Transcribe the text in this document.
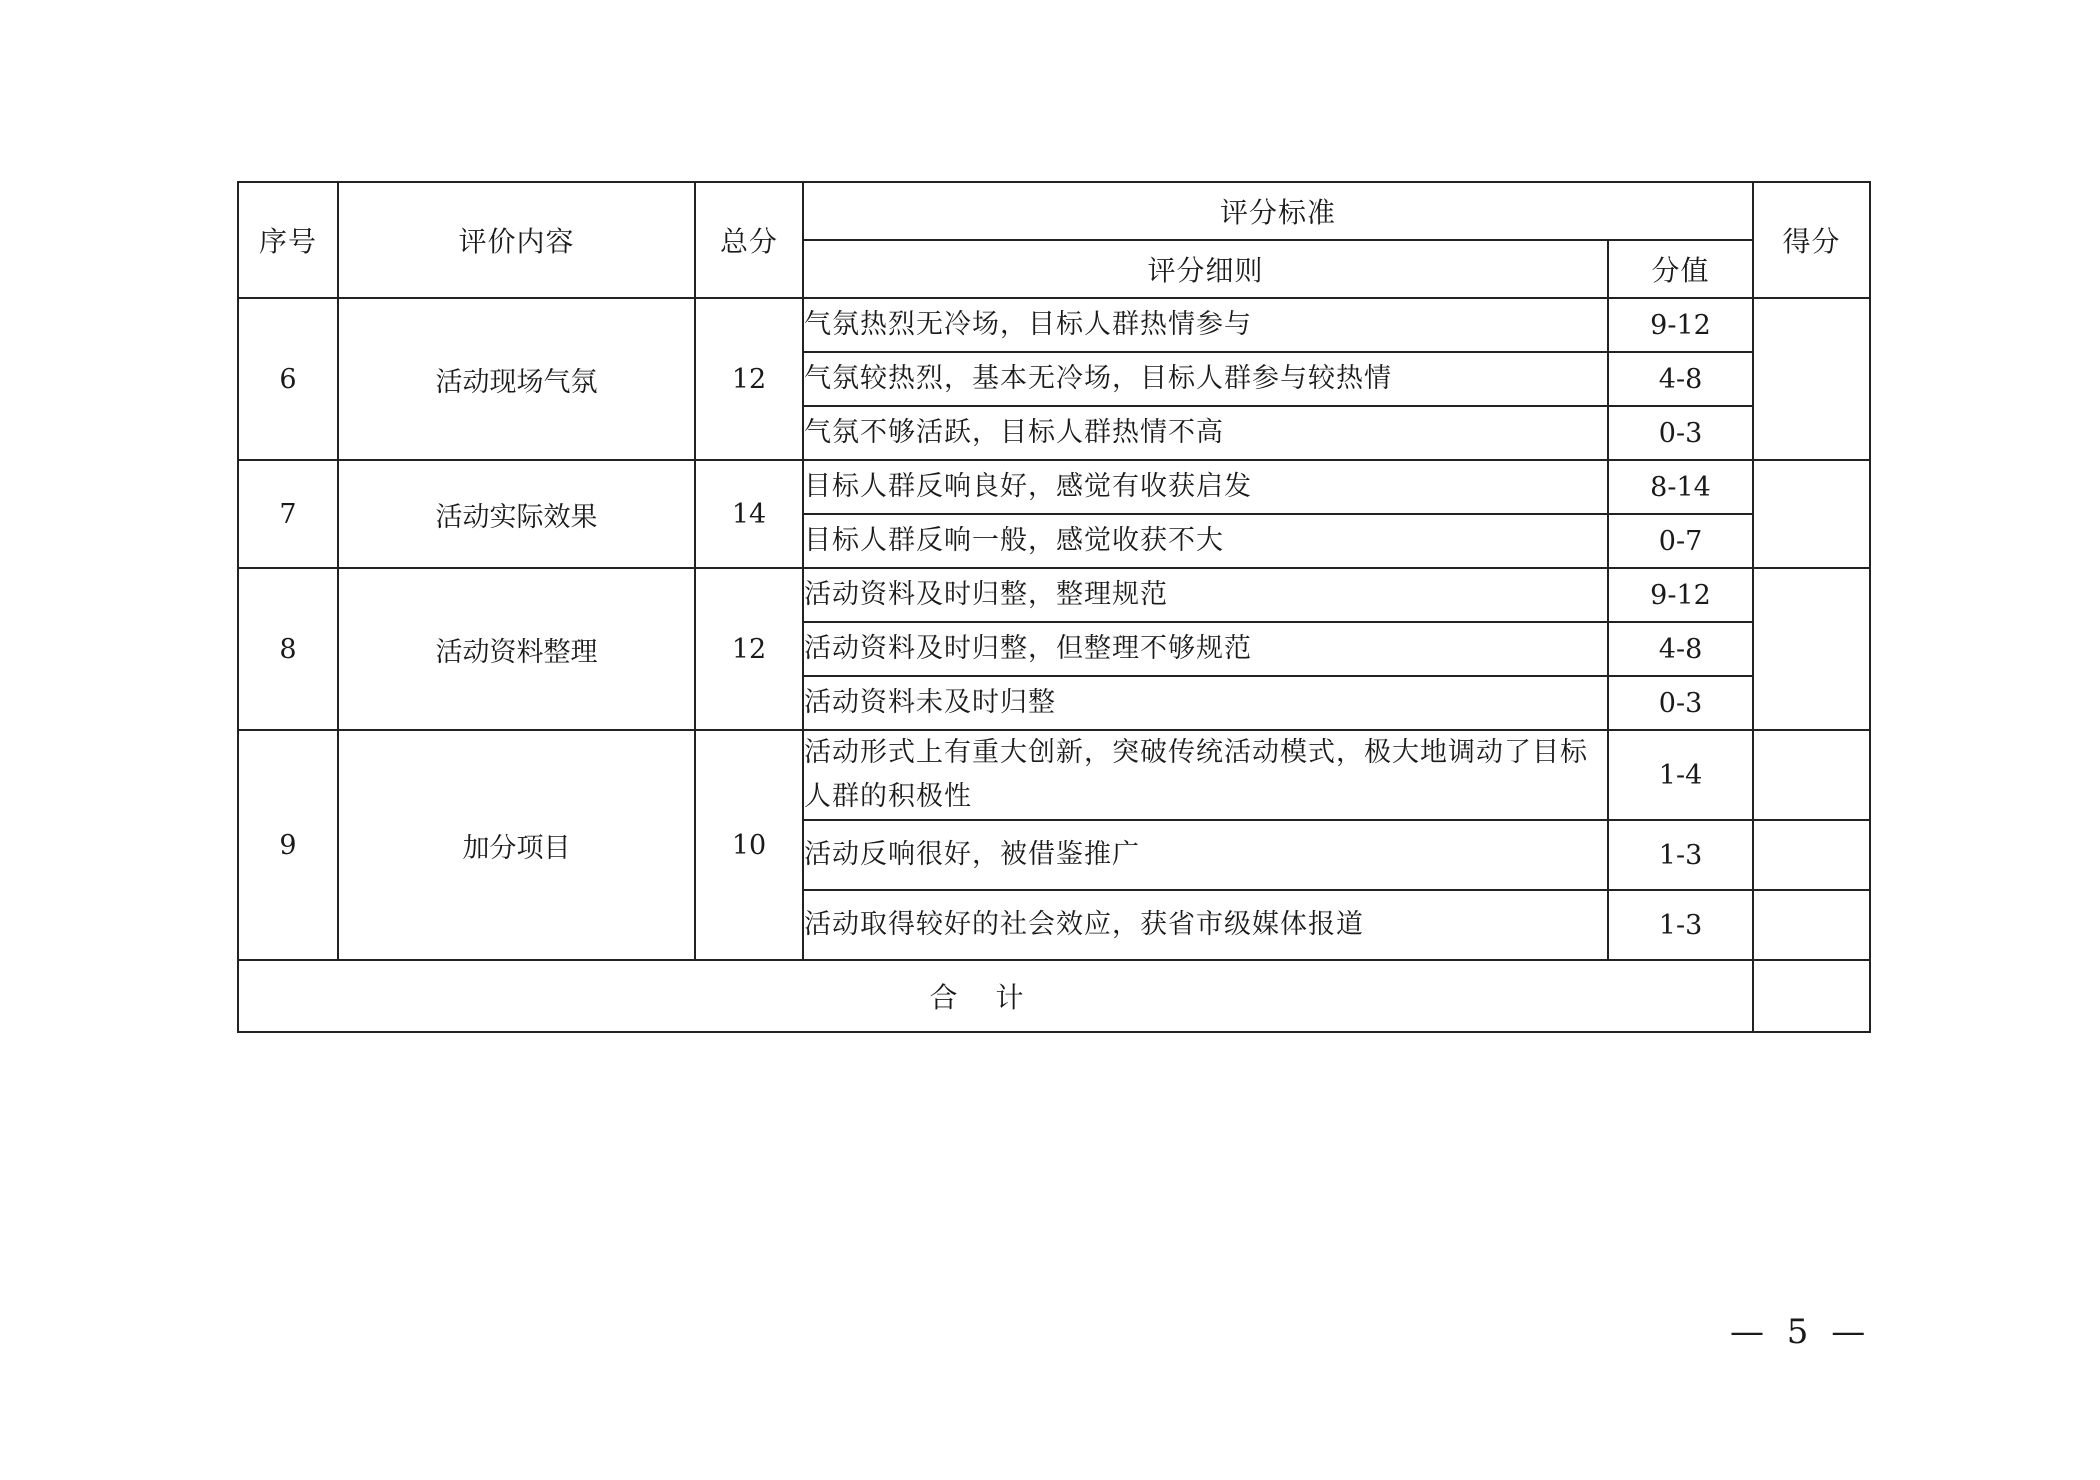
序号	评价内容	总分	评分标准		得分
			评分细则	分值	
6	活动现场气氛	12	气氛热烈无冷场，目标人群热情参与	9-12	
			气氛较热烈，基本无冷场，目标人群参与较热情	4-8	
			气氛不够活跃，目标人群热情不高	0-3	
7	活动实际效果	14	目标人群反响良好，感觉有收获启发	8-14	
			目标人群反响一般，感觉收获不大	0-7	
8	活动资料整理	12	活动资料及时归整，整理规范	9-12	
			活动资料及时归整，但整理不够规范	4-8	
			活动资料未及时归整	0-3	
9	加分项目	10	活动形式上有重大创新，突破传统活动模式，极大地调动了目标人群的积极性	1-4	
			活动反响很好，被借鉴推广	1-3	
			活动取得较好的社会效应，获省市级媒体报道	1-3	
合计					
— 5 —
